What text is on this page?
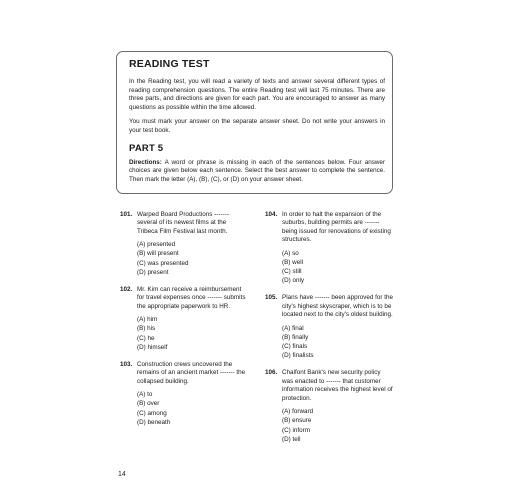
READING TEST

In the Reading test, you will read a variety of texts and answer several different types of reading comprehension questions. The entire Reading test will last 75 minutes. There are three parts, and directions are given for each part. You are encouraged to answer as many questions as possible within the time allowed.

You must mark your answer on the separate answer sheet. Do not write your answers in your test book.

PART 5

Directions: A word or phrase is missing in each of the sentences below. Four answer choices are given below each sentence. Select the best answer to complete the sentence. Then mark the letter (A), (B), (C), or (D) on your answer sheet.

101. Warped Board Productions ------- several of its newest films at the Tribeca Film Festival last month.
(A) presented
(B) will present
(C) was presented
(D) present
102. Mr. Kim can receive a reimbursement for travel expenses once ------- submits the appropriate paperwork to HR.
(A) him
(B) his
(C) he
(D) himself
103. Construction crews uncovered the remains of an ancient market ------- the collapsed building.
(A) to
(B) over
(C) among
(D) beneath
104. In order to halt the expansion of the suburbs, building permits are ------- being issued for renovations of existing structures.
(A) so
(B) well
(C) still
(D) only
105. Plans have ------- been approved for the city's highest skyscraper, which is to be located next to the city's oldest building.
(A) final
(B) finally
(C) finals
(D) finalists
106. Chalfont Bank's new security policy was enacted to ------- that customer information receives the highest level of protection.
(A) forward
(B) ensure
(C) inform
(D) tell
14
